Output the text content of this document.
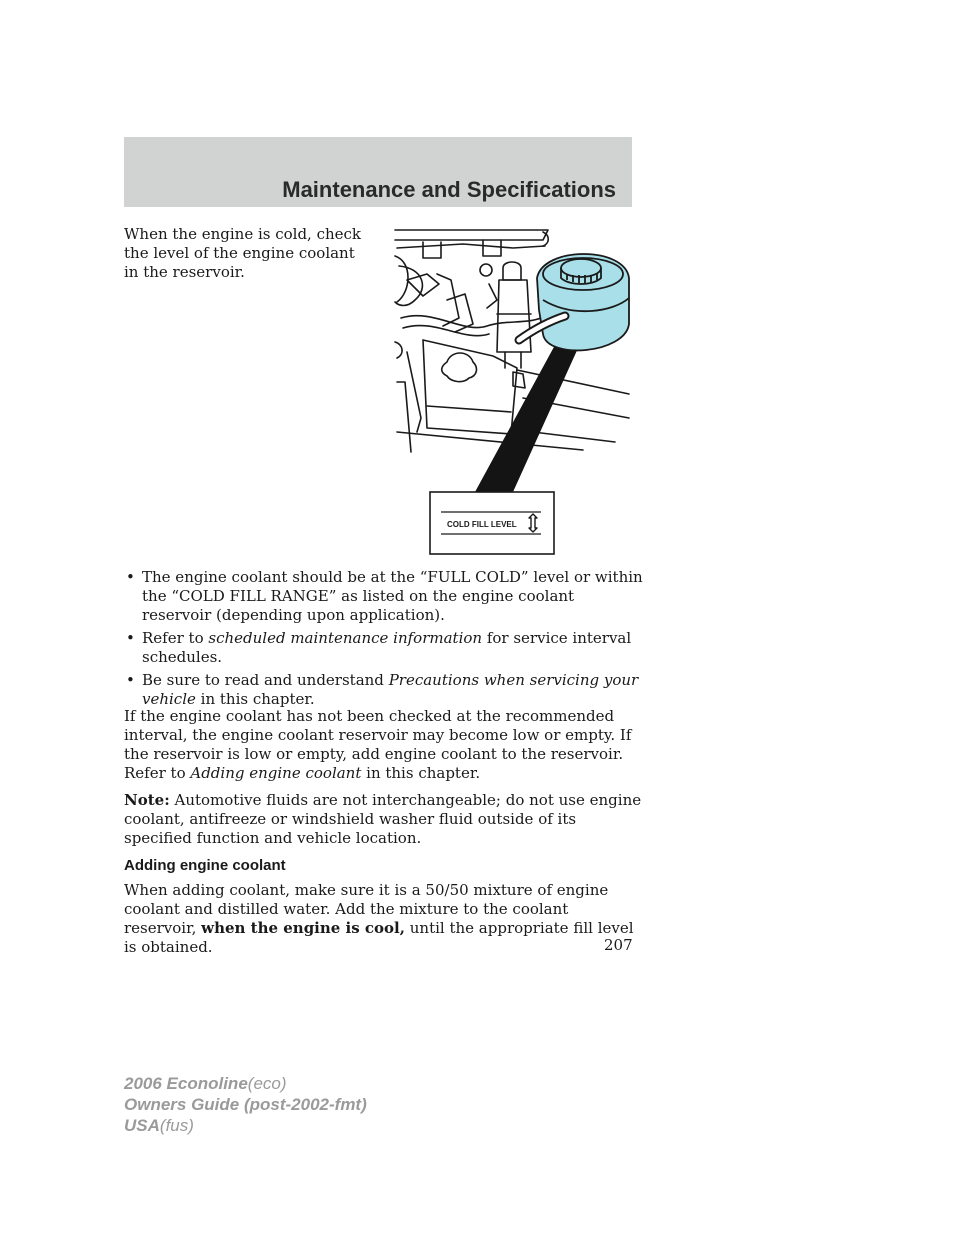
Maintenance and Specifications
When the engine is cold, check the level of the engine coolant in the reservoir.
COLD FILL LEVEL
• The engine coolant should be at the “FULL COLD” level or within the “COLD FILL RANGE” as listed on the engine coolant reservoir (depending upon application).
• Refer to scheduled maintenance information for service interval schedules.
• Be sure to read and understand Precautions when servicing your vehicle in this chapter.

If the engine coolant has not been checked at the recommended interval, the engine coolant reservoir may become low or empty. If the reservoir is low or empty, add engine coolant to the reservoir. Refer to Adding engine coolant in this chapter.

Note: Automotive fluids are not interchangeable; do not use engine coolant, antifreeze or windshield washer fluid outside of its specified function and vehicle location.

Adding engine coolant

When adding coolant, make sure it is a 50/50 mixture of engine coolant and distilled water. Add the mixture to the coolant reservoir, when the engine is cool, until the appropriate fill level is obtained.	207
2006 Econoline(eco)
Owners Guide (post-2002-fmt)
USA(fus)
